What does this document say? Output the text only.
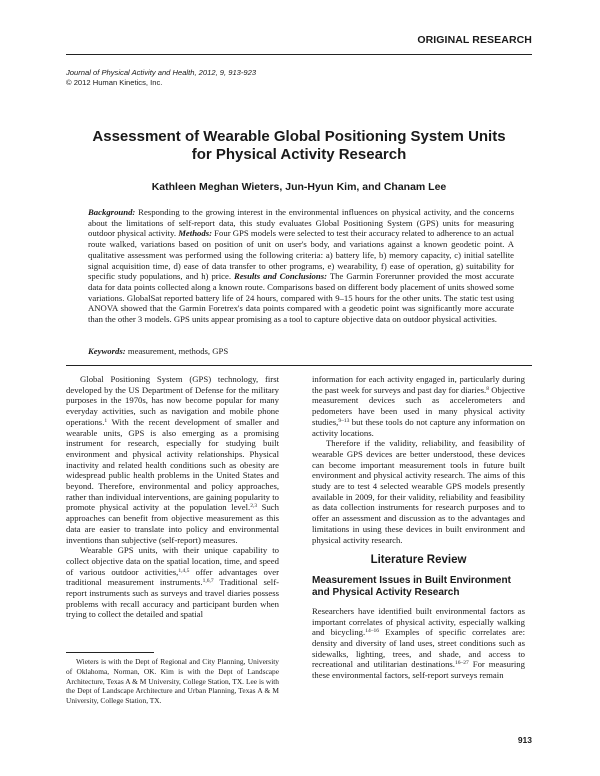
ORIGINAL RESEARCH
Journal of Physical Activity and Health, 2012, 9, 913-923
© 2012 Human Kinetics, Inc.
Assessment of Wearable Global Positioning System Units
for Physical Activity Research
Kathleen Meghan Wieters, Jun-Hyun Kim, and Chanam Lee
Background: Responding to the growing interest in the environmental influences on physical activity, and the concerns about the limitations of self-report data, this study evaluates Global Positioning System (GPS) units for measuring outdoor physical activity. Methods: Four GPS models were selected to test their accuracy related to adherence to an actual route walked, variations based on position of unit on user's body, and variations against a known geodetic point. A qualitative assessment was performed using the following criteria: a) battery life, b) memory capacity, c) initial satellite signal acquisition time, d) ease of data transfer to other programs, e) wearability, f) ease of operation, g) suitability for specific study populations, and h) price. Results and Conclusions: The Garmin Forerunner provided the most accurate data for data points collected along a known route. Comparisons based on different body placement of units showed some variations. GlobalSat reported battery life of 24 hours, compared with 9–15 hours for the other units. The static test using ANOVA showed that the Garmin Foretrex's data points compared with a geodetic point was significantly more accurate than the other 3 models. GPS units appear promising as a tool to capture objective data on outdoor physical activities.
Keywords: measurement, methods, GPS

Global Positioning System (GPS) technology, first developed by the US Department of Defense for the military purposes in the 1970s, has now become popular for many everyday activities, such as navigation and mobile phone operations.$^1$ With the recent development of smaller and wearable units, GPS is also emerging as a promising instrument for research, especially for studying built environment and physical activity relationships. Physical inactivity and related health conditions such as obesity are widespread public health problems in the United States and beyond. Therefore, environmental and policy approaches, rather than individual interventions, are gaining popularity to promote physical activity at the population level.$^{2,3}$ Such approaches can benefit from objective measurement as this data are easier to translate into policy and environmental inventions than subjective (self-report) measures.

Wearable GPS units, with their unique capability to collect objective data on the spatial location, time, and speed of various outdoor activities,$^{1,4,5}$ offer advantages over traditional measurement instruments.$^{1,6,7}$ Traditional self-report instruments such as surveys and travel diaries possess problems with recall accuracy and participant burden when trying to collect the detailed and spatial

Wieters is with the Dept of Regional and City Planning, University of Oklahoma, Norman, OK. Kim is with the Dept of Landscape Architecture, Texas A & M University, College Station, TX. Lee is with the Dept of Landscape Architecture and Urban Planning, Texas A & M University, College Station, TX.

information for each activity engaged in, particularly during the past week for surveys and past day for diaries.$^8$ Objective measurement devices such as accelerometers and pedometers have been used in many physical activity studies,$^{9-13}$ but these tools do not capture any information on activity locations.

Therefore if the validity, reliability, and feasibility of wearable GPS devices are better understood, these devices can become important measurement tools in future built environment and physical activity research. The aims of this study are to test 4 selected wearable GPS models presently available in 2009, for their validity, reliability and feasibility as data collection instruments for research purposes and to offer an assessment and discussion as to the advantages and limitations in using these devices in built environment and physical activity research.

Literature Review
Measurement Issues in Built Environment and Physical Activity Research

Researchers have identified built environmental factors as important correlates of physical activity, especially walking and bicycling.$^{14-16}$ Examples of specific correlates are: density and diversity of land uses, street conditions such as sidewalks, lighting, trees, and shade, and access to recreational and utilitarian destinations.$^{16-27}$ For measuring these environmental factors, self-report surveys remain

913
